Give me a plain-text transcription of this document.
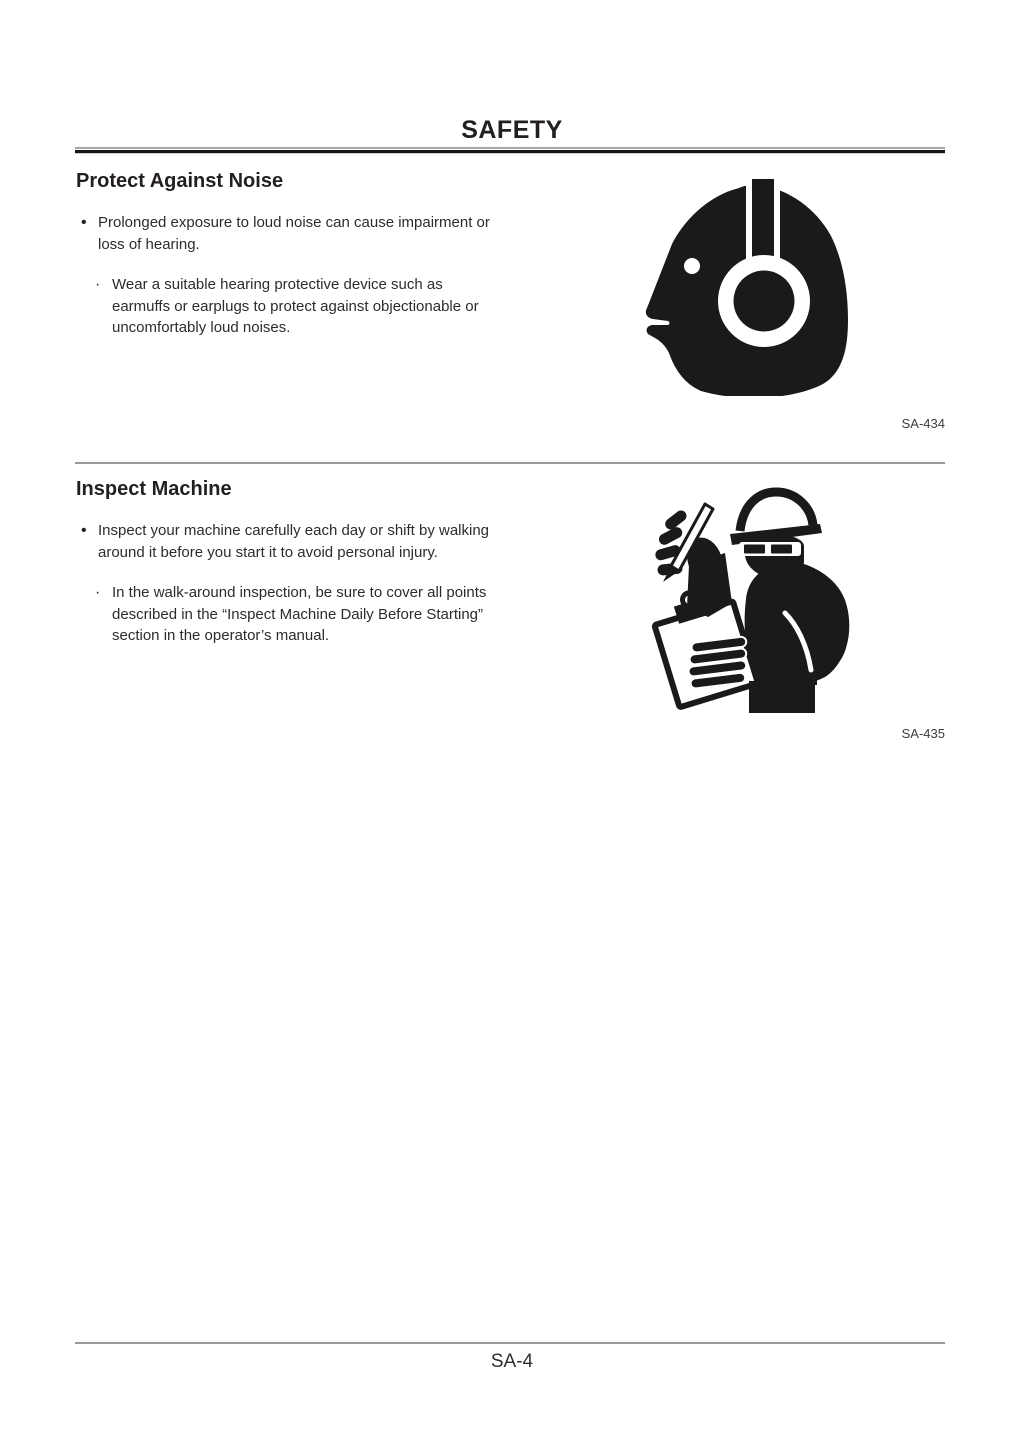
SAFETY
Protect Against Noise
• Prolonged exposure to loud noise can cause impairment or
loss of hearing.
· Wear a suitable hearing protective device such as
earmuffs or earplugs to protect against objectionable or
uncomfortably loud noises.
SA-434
Inspect Machine
• Inspect your machine carefully each day or shift by walking
around it before you start it to avoid personal injury.
· In the walk-around inspection, be sure to cover all points
described in the “Inspect Machine Daily Before Starting”
section in the operator’s manual.
SA-435
SA-4
